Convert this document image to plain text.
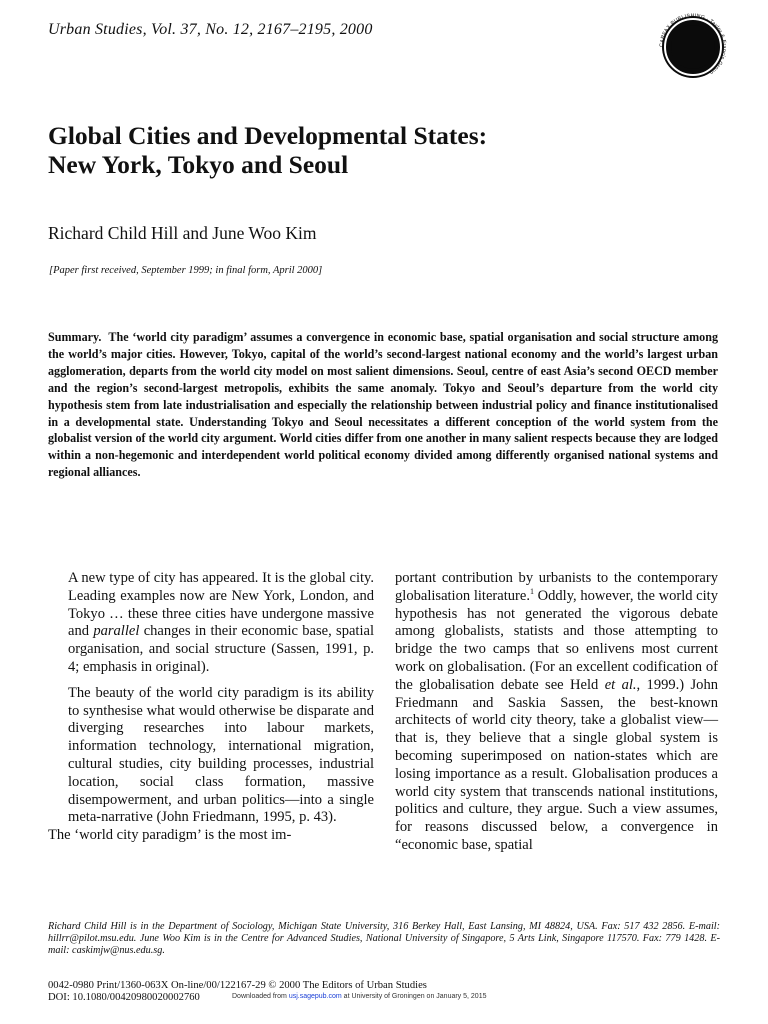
Urban Studies, Vol. 37, No. 12, 2167–2195, 2000
CARFAX PUBLISHING · Taylor & Francis Group
Global Cities and Developmental States:
New York, Tokyo and Seoul
Richard Child Hill and June Woo Kim
[Paper first received, September 1999; in final form, April 2000]

Summary. The ‘world city paradigm’ assumes a convergence in economic base, spatial organisation and social structure among the world’s major cities. However, Tokyo, capital of the world’s second-largest national economy and the world’s largest urban agglomeration, departs from the world city model on most salient dimensions. Seoul, centre of east Asia’s second OECD member and the region’s second-largest metropolis, exhibits the same anomaly. Tokyo and Seoul’s departure from the world city hypothesis stem from late industrialisation and especially the relationship between industrial policy and finance institutionalised in a developmental state. Understanding Tokyo and Seoul necessitates a different conception of the world system from the globalist version of the world city argument. World cities differ from one another in many salient respects because they are lodged within a non-hegemonic and interdependent world political economy divided among differently organised national systems and regional alliances.

A new type of city has appeared. It is the global city. Leading examples now are New York, London, and Tokyo … these three cities have undergone massive and parallel changes in their economic base, spatial organisation, and social structure (Sassen, 1991, p. 4; emphasis in original).

The beauty of the world city paradigm is its ability to synthesise what would otherwise be disparate and diverging researches into labour markets, information technology, international migration, cultural studies, city building processes, industrial location, social class formation, massive disempowerment, and urban politics—into a single meta-narrative (John Friedmann, 1995, p. 43).

The ‘world city paradigm’ is the most im-

portant contribution by urbanists to the contemporary globalisation literature.$^1$ Oddly, however, the world city hypothesis has not generated the vigorous debate among globalists, statists and those attempting to bridge the two camps that so enlivens most current work on globalisation. (For an excellent codification of the globalisation debate see Held et al., 1999.) John Friedmann and Saskia Sassen, the best-known architects of world city theory, take a globalist view—that is, they believe that a single global system is becoming superimposed on nation-states which are losing importance as a result. Globalisation produces a world city system that transcends national institutions, politics and culture, they argue. Such a view assumes, for reasons discussed below, a convergence in “economic base, spatial

Richard Child Hill is in the Department of Sociology, Michigan State University, 316 Berkey Hall, East Lansing, MI 48824, USA. Fax: 517 432 2856. E-mail: hillrr@pilot.msu.edu. June Woo Kim is in the Centre for Advanced Studies, National University of Singapore, 5 Arts Link, Singapore 117570. Fax: 779 1428. E-mail: caskimjw@nus.edu.sg.

0042-0980 Print/1360-063X On-line/00/122167-29 © 2000 The Editors of Urban Studies
DOI: 10.1080/00420980020002760	Downloaded from usj.sagepub.com at University of Groningen on January 5, 2015
